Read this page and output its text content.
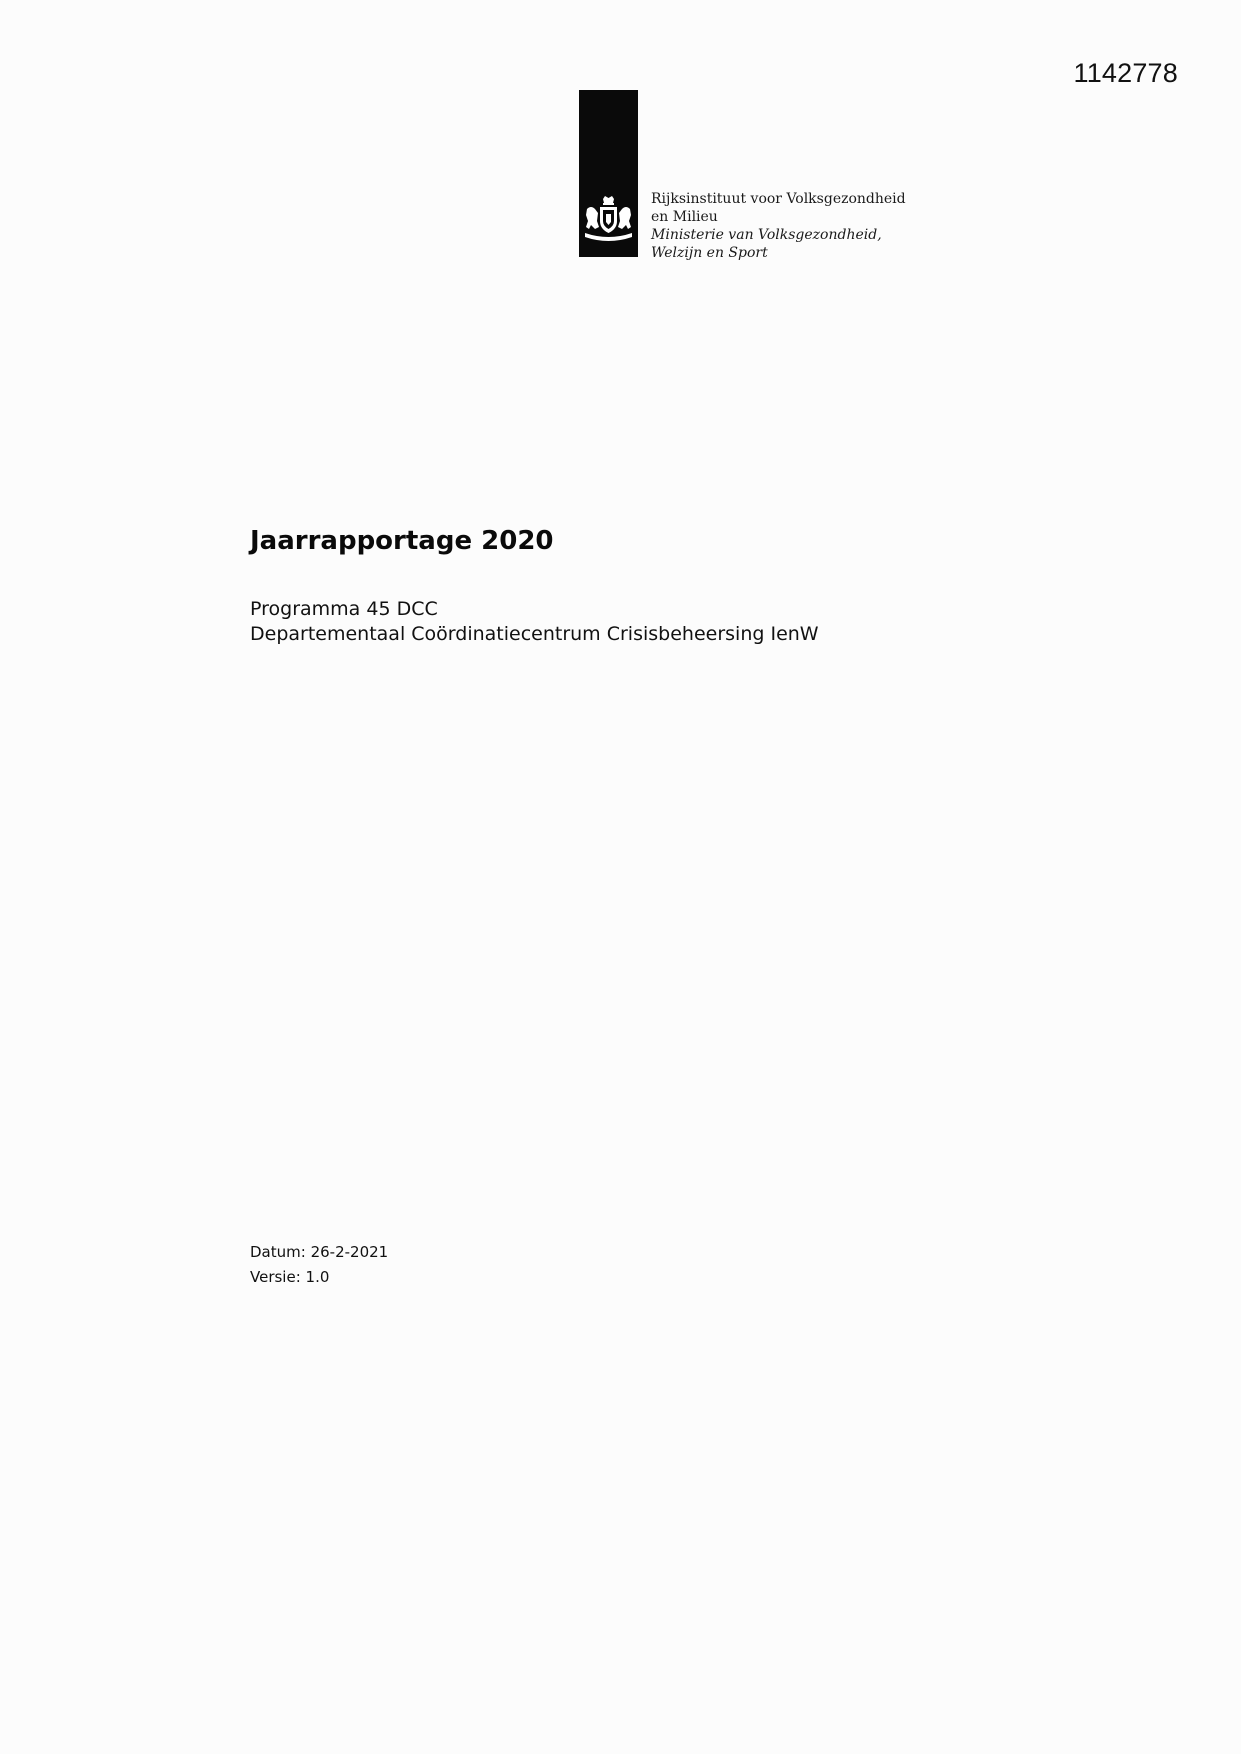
1142778
Rijksinstituut voor Volksgezondheid
en Milieu
Ministerie van Volksgezondheid,
Welzijn en Sport
Jaarrapportage 2020
Programma 45 DCC
Departementaal Coördinatiecentrum Crisisbeheersing IenW
Datum: 26-2-2021
Versie: 1.0
